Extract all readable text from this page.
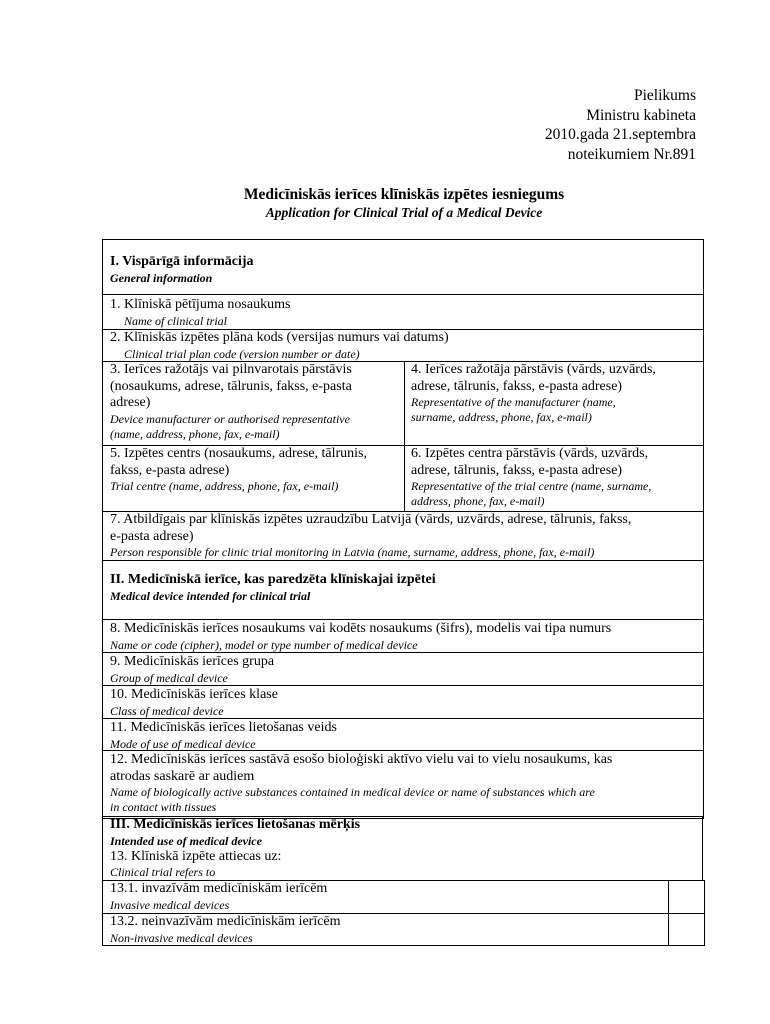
Pielikums
Ministru kabineta
2010.gada 21.septembra
noteikumiem Nr.891
Medicīniskās ierīces klīniskās izpētes iesniegums
Application for Clinical Trial of a Medical Device
I. Vispārīgā informācija
General information
1. Klīniskā pētījuma nosaukums
Name of clinical trial
2. Klīniskās izpētes plāna kods (versijas numurs vai datums)
Clinical trial plan code (version number or date)
3. Ierīces ražotājs vai pilnvarotais pārstāvis
(nosaukums, adrese, tālrunis, fakss, e-pasta
adrese)
Device manufacturer or authorised representative
(name, address, phone, fax, e-mail)
4. Ierīces ražotāja pārstāvis (vārds, uzvārds,
adrese, tālrunis, fakss, e-pasta adrese)
Representative of the manufacturer (name,
surname, address, phone, fax, e-mail)
5. Izpētes centrs (nosaukums, adrese, tālrunis,
fakss, e-pasta adrese)
Trial centre (name, address, phone, fax, e-mail)
6. Izpētes centra pārstāvis (vārds, uzvārds,
adrese, tālrunis, fakss, e-pasta adrese)
Representative of the trial centre (name, surname,
address, phone, fax, e-mail)
7. Atbildīgais par klīniskās izpētes uzraudzību Latvijā (vārds, uzvārds, adrese, tālrunis, fakss,
e-pasta adrese)
Person responsible for clinic trial monitoring in Latvia (name, surname, address, phone, fax, e-mail)
II. Medicīniskā ierīce, kas paredzēta klīniskajai izpētei
Medical device intended for clinical trial
8. Medicīniskās ierīces nosaukums vai kodēts nosaukums (šifrs), modelis vai tipa numurs
Name or code (cipher), model or type number of medical device
9. Medicīniskās ierīces grupa
Group of medical device
10. Medicīniskās ierīces klase
Class of medical device
11. Medicīniskās ierīces lietošanas veids
Mode of use of medical device
12. Medicīniskās ierīces sastāvā esošo bioloģiski aktīvo vielu vai to vielu nosaukums, kas
atrodas saskarē ar audiem
Name of biologically active substances contained in medical device or name of substances which are
in contact with tissues
III. Medicīniskās ierīces lietošanas mērķis
Intended use of medical device
13. Klīniskā izpēte attiecas uz:
Clinical trial refers to
13.1. invazīvām medicīniskām ierīcēm
Invasive medical devices
13.2. neinvazīvām medicīniskām ierīcēm
Non-invasive medical devices
